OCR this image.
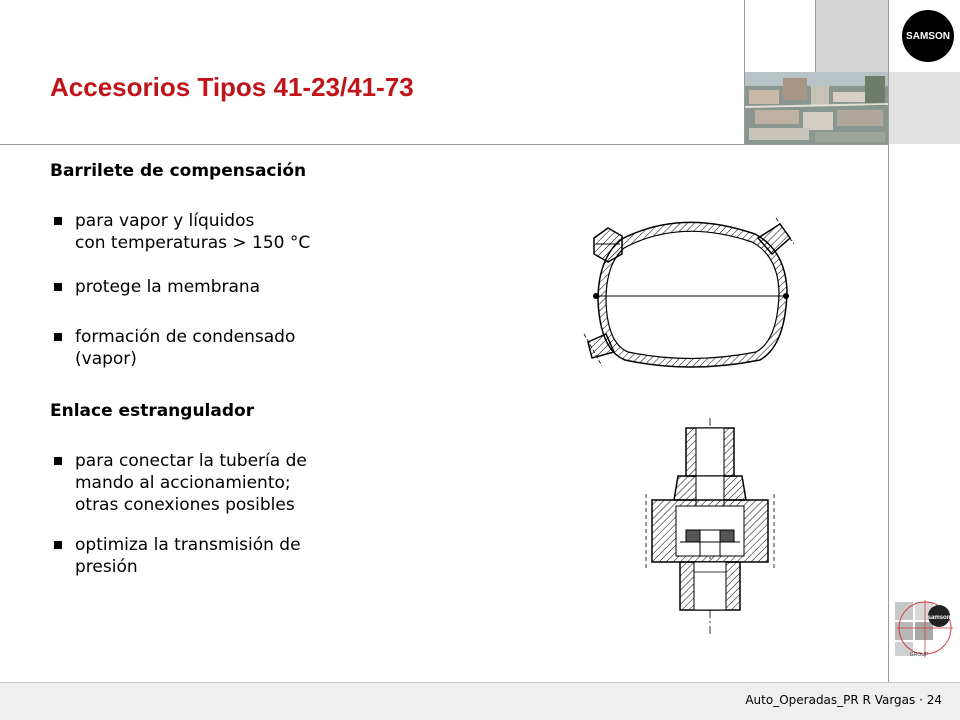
SAMSON
Accesorios Tipos 41-23/41-73

Barrilete de compensación

para vapor y líquidos
con temperaturas > 150 °C
protege la membrana
formación de condensado
(vapor)

Enlace estrangulador

para conectar la tubería de
mando al accionamiento;
otras conexiones posibles
optimiza la transmisión de
presión
samson
GROUP
Auto_Operadas_PR R Vargas · 24
